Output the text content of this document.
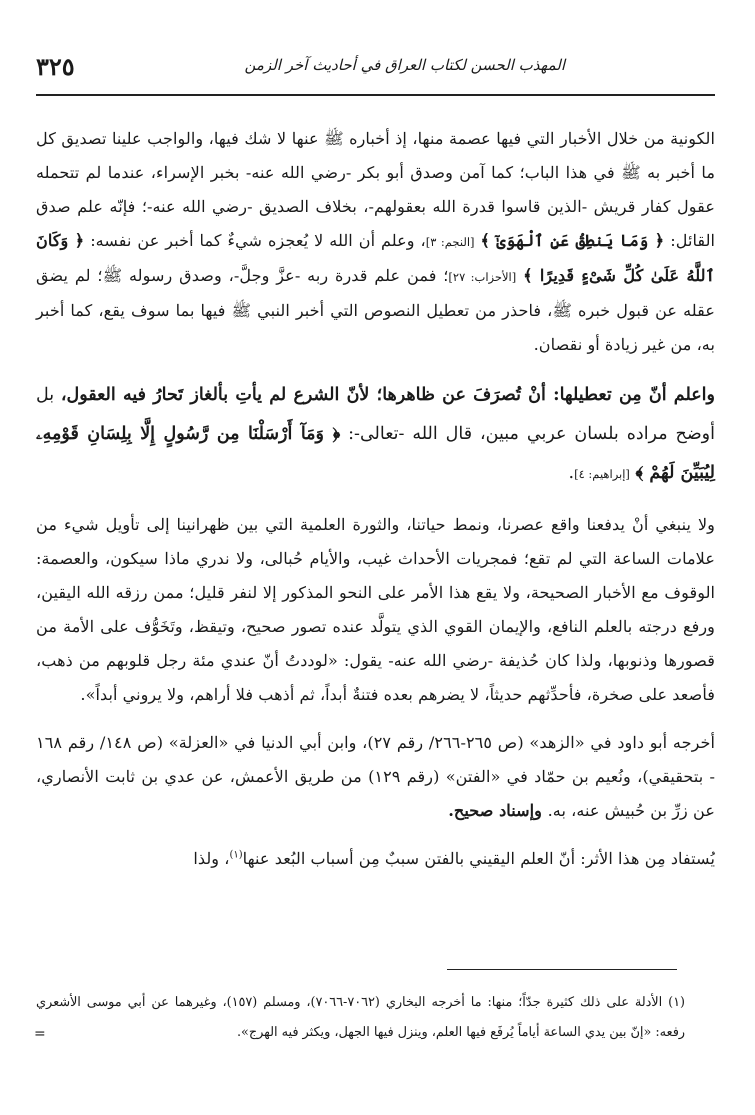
٣٢٥	المهذب الحسن لكتاب العراق في أحاديث آخر الزمن

الكونية من خلال الأخبار التي فيها عصمة منها، إذ أخباره ﷺ عنها لا شك فيها، والواجب علينا تصديق كل ما أخبر به ﷺ في هذا الباب؛ كما آمن وصدق أبو بكر -رضي الله عنه- بخبر الإسراء، عندما لم تتحمله عقول كفار قريش -الذين قاسوا قدرة الله بعقولهم-، بخلاف الصديق -رضي الله عنه-؛ فإنّه علم صدق القائل: ﴿ وَمَا يَنطِقُ عَنِ ٱلْهَوَىٰٓ ﴾ [النجم: ٣]، وعلم أن الله لا يُعجزه شيءٌ كما أخبر عن نفسه: ﴿ وَكَانَ ٱللَّهُ عَلَىٰ كُلِّ شَىْءٍ قَدِيرًا ﴾ [الأحزاب: ٢٧]؛ فمن علم قدرة ربه -عزَّ وجلَّ-، وصدق رسوله ﷺ؛ لم يضق عقله عن قبول خبره ﷺ، فاحذر من تعطيل النصوص التي أخبر النبي ﷺ فيها بما سوف يقع، كما أخبر به، من غير زيادة أو نقصان.

واعلم أنّ مِن تعطيلها: أنْ تُصرَفَ عن ظاهرها؛ لأنّ الشرع لم يأتِ بألغاز تَحارُ فيه العقول، بل أوضح مراده بلسان عربي مبين، قال الله -تعالى-: ﴿ وَمَآ أَرْسَلْنَا مِن رَّسُولٍ إِلَّا بِلِسَانِ قَوْمِهِۦ لِيُبَيِّنَ لَهُمْ ﴾ [إبراهيم: ٤].

ولا ينبغي أنْ يدفعنا واقع عصرنا، ونمط حياتنا، والثورة العلمية التي بين ظهرانينا إلى تأويل شيء من علامات الساعة التي لم تقع؛ فمجريات الأحداث غيب، والأيام حُبالى، ولا ندري ماذا سيكون، والعصمة: الوقوف مع الأخبار الصحيحة، ولا يقع هذا الأمر على النحو المذكور إلا لنفر قليل؛ ممن رزقه الله اليقين، ورفع درجته بالعلم النافع، والإيمان القوي الذي يتولَّد عنده تصور صحيح، وتيقظ، وتَخَوُّف على الأمة من قصورها وذنوبها، ولذا كان حُذيفة -رضي الله عنه- يقول: «لوددتُ أنّ عندي مئة رجل قلوبهم من ذهب، فأصعد على صخرة، فأحدِّثهم حديثاً، لا يضرهم بعده فتنةٌ أبداً، ثم أذهب فلا أراهم، ولا يروني أبداً».

أخرجه أبو داود في «الزهد» (ص ٢٦٥-٢٦٦/ رقم ٢٧)، وابن أبي الدنيا في «العزلة» (ص ١٤٨/ رقم ١٦٨ - بتحقيقي)، ونُعيم بن حمّاد في «الفتن» (رقم ١٢٩) من طريق الأعمش، عن عدي بن ثابت الأنصاري، عن زرِّ بن حُبيش عنه، به. وإسناد صحيح.

يُستفاد مِن هذا الأثر: أنّ العلم اليقيني بالفتن سببٌ مِن أسباب البُعد عنها$^{(١)}$، ولذا

(١) الأدلة على ذلك كثيرة جدّاً؛ منها: ما أخرجه البخاري (٧٠٦٢-٧٠٦٦)، ومسلم (١٥٧)، وغيرهما عن أبي موسى الأشعري رفعه: «إنّ بين يدي الساعة أياماً يُرفَع فيها العلم، وينزل فيها الجهل، ويكثر فيه الهرج».

=
